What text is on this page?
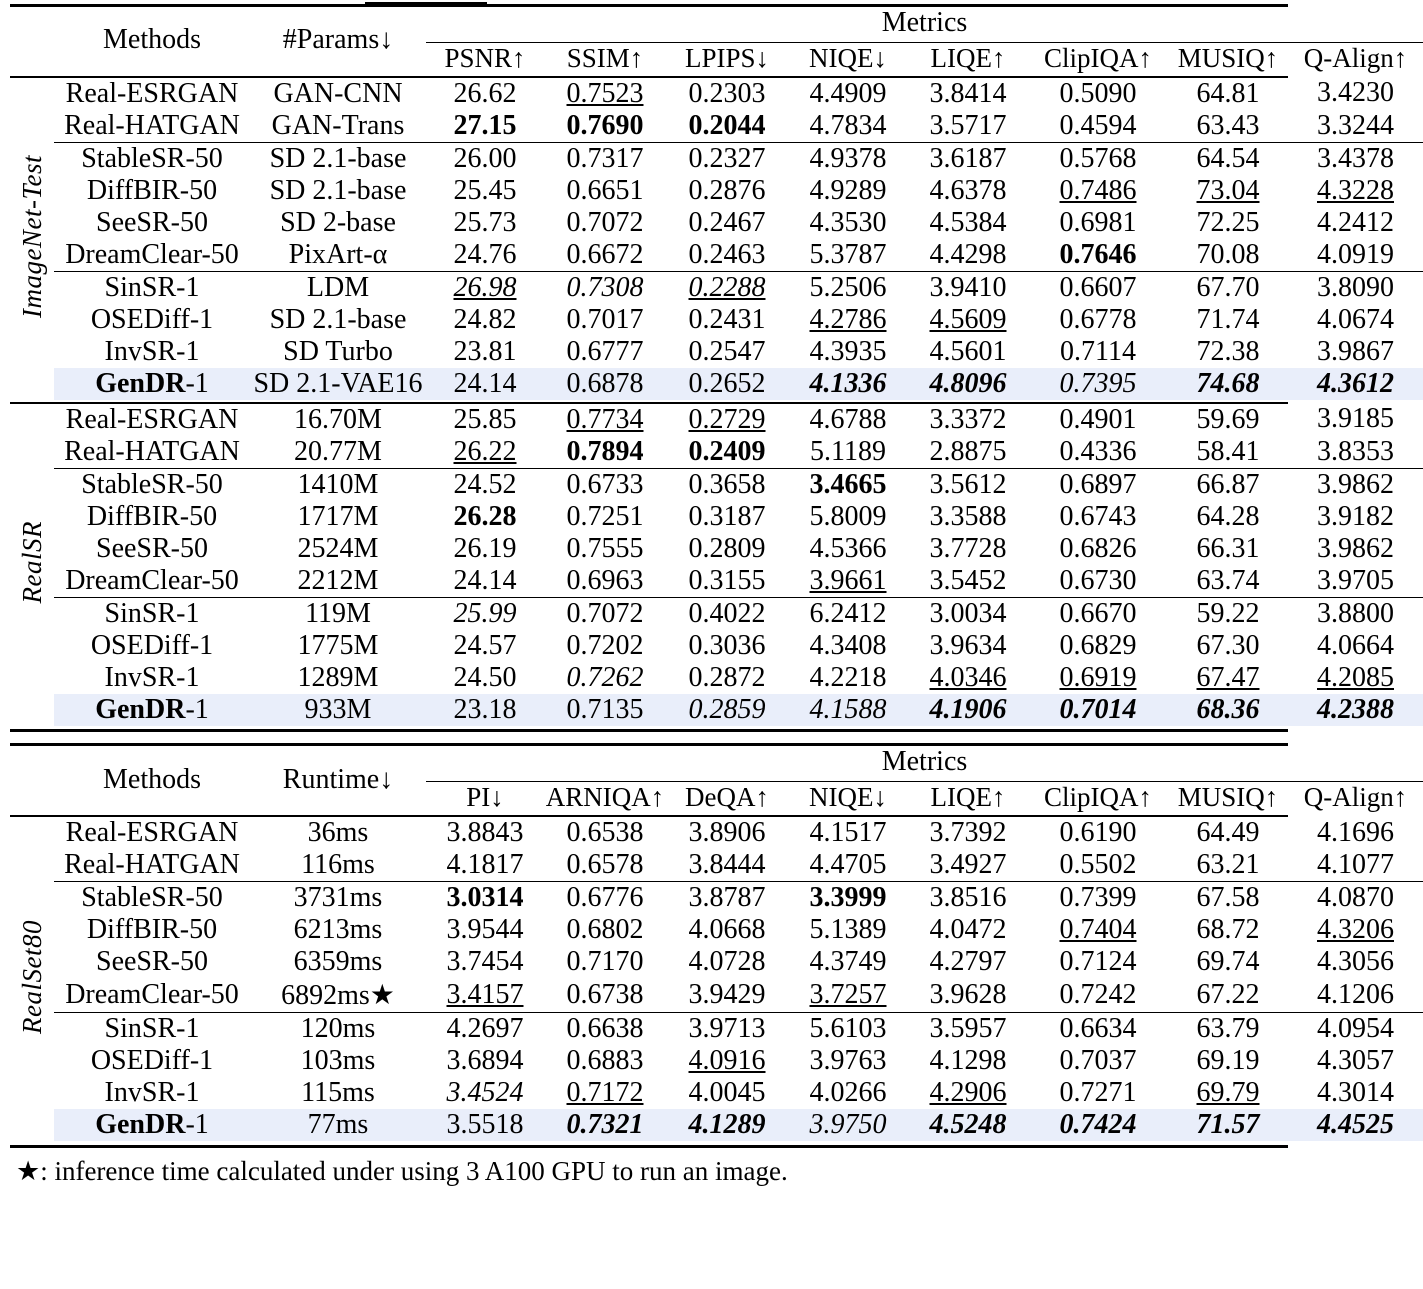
	Methods	#Params↓	Metrics							

			PSNR↑	SSIM↑	LPIPS↓	NIQE↓	LIQE↑	ClipIQA↑	MUSIQ↑	Q-Align↑

ImageNet-Test	Real-ESRGAN	GAN-CNN	26.62	0.7523	0.2303	4.4909	3.8414	0.5090	64.81	3.4230
	Real-HATGAN	GAN-Trans	27.15	0.7690	0.2044	4.7834	3.5717	0.4594	63.43	3.3244

	StableSR-50	SD 2.1-base	26.00	0.7317	0.2327	4.9378	3.6187	0.5768	64.54	3.4378
	DiffBIR-50	SD 2.1-base	25.45	0.6651	0.2876	4.9289	4.6378	0.7486	73.04	4.3228
	SeeSR-50	SD 2-base	25.73	0.7072	0.2467	4.3530	4.5384	0.6981	72.25	4.2412
	DreamClear-50	PixArt-α	24.76	0.6672	0.2463	5.3787	4.4298	0.7646	70.08	4.0919

	SinSR-1	LDM	26.98	0.7308	0.2288	5.2506	3.9410	0.6607	67.70	3.8090
	OSEDiff-1	SD 2.1-base	24.82	0.7017	0.2431	4.2786	4.5609	0.6778	71.74	4.0674
	InvSR-1	SD Turbo	23.81	0.6777	0.2547	4.3935	4.5601	0.7114	72.38	3.9867
	GenDR-1	SD 2.1-VAE16	24.14	0.6878	0.2652	4.1336	4.8096	0.7395	74.68	4.3612

RealSR	Real-ESRGAN	16.70M	25.85	0.7734	0.2729	4.6788	3.3372	0.4901	59.69	3.9185
	Real-HATGAN	20.77M	26.22	0.7894	0.2409	5.1189	2.8875	0.4336	58.41	3.8353

	StableSR-50	1410M	24.52	0.6733	0.3658	3.4665	3.5612	0.6897	66.87	3.9862
	DiffBIR-50	1717M	26.28	0.7251	0.3187	5.8009	3.3588	0.6743	64.28	3.9182
	SeeSR-50	2524M	26.19	0.7555	0.2809	4.5366	3.7728	0.6826	66.31	3.9862
	DreamClear-50	2212M	24.14	0.6963	0.3155	3.9661	3.5452	0.6730	63.74	3.9705

	SinSR-1	119M	25.99	0.7072	0.4022	6.2412	3.0034	0.6670	59.22	3.8800
	OSEDiff-1	1775M	24.57	0.7202	0.3036	4.3408	3.9634	0.6829	67.30	4.0664
	InvSR-1	1289M	24.50	0.7262	0.2872	4.2218	4.0346	0.6919	67.47	4.2085
	GenDR-1	933M	23.18	0.7135	0.2859	4.1588	4.1906	0.7014	68.36	4.2388

	Methods	Runtime↓	Metrics							

			PI↓	ARNIQA↑	DeQA↑	NIQE↓	LIQE↑	ClipIQA↑	MUSIQ↑	Q-Align↑

RealSet80	Real-ESRGAN	36ms	3.8843	0.6538	3.8906	4.1517	3.7392	0.6190	64.49	4.1696
	Real-HATGAN	116ms	4.1817	0.6578	3.8444	4.4705	3.4927	0.5502	63.21	4.1077

	StableSR-50	3731ms	3.0314	0.6776	3.8787	3.3999	3.8516	0.7399	67.58	4.0870
	DiffBIR-50	6213ms	3.9544	0.6802	4.0668	5.1389	4.0472	0.7404	68.72	4.3206
	SeeSR-50	6359ms	3.7454	0.7170	4.0728	4.3749	4.2797	0.7124	69.74	4.3056
	DreamClear-50	6892ms★	3.4157	0.6738	3.9429	3.7257	3.9628	0.7242	67.22	4.1206

	SinSR-1	120ms	4.2697	0.6638	3.9713	5.6103	3.5957	0.6634	63.79	4.0954
	OSEDiff-1	103ms	3.6894	0.6883	4.0916	3.9763	4.1298	0.7037	69.19	4.3057
	InvSR-1	115ms	3.4524	0.7172	4.0045	4.0266	4.2906	0.7271	69.79	4.3014
	GenDR-1	77ms	3.5518	0.7321	4.1289	3.9750	4.5248	0.7424	71.57	4.4525

★: inference time calculated under using 3 A100 GPU to run an image.
